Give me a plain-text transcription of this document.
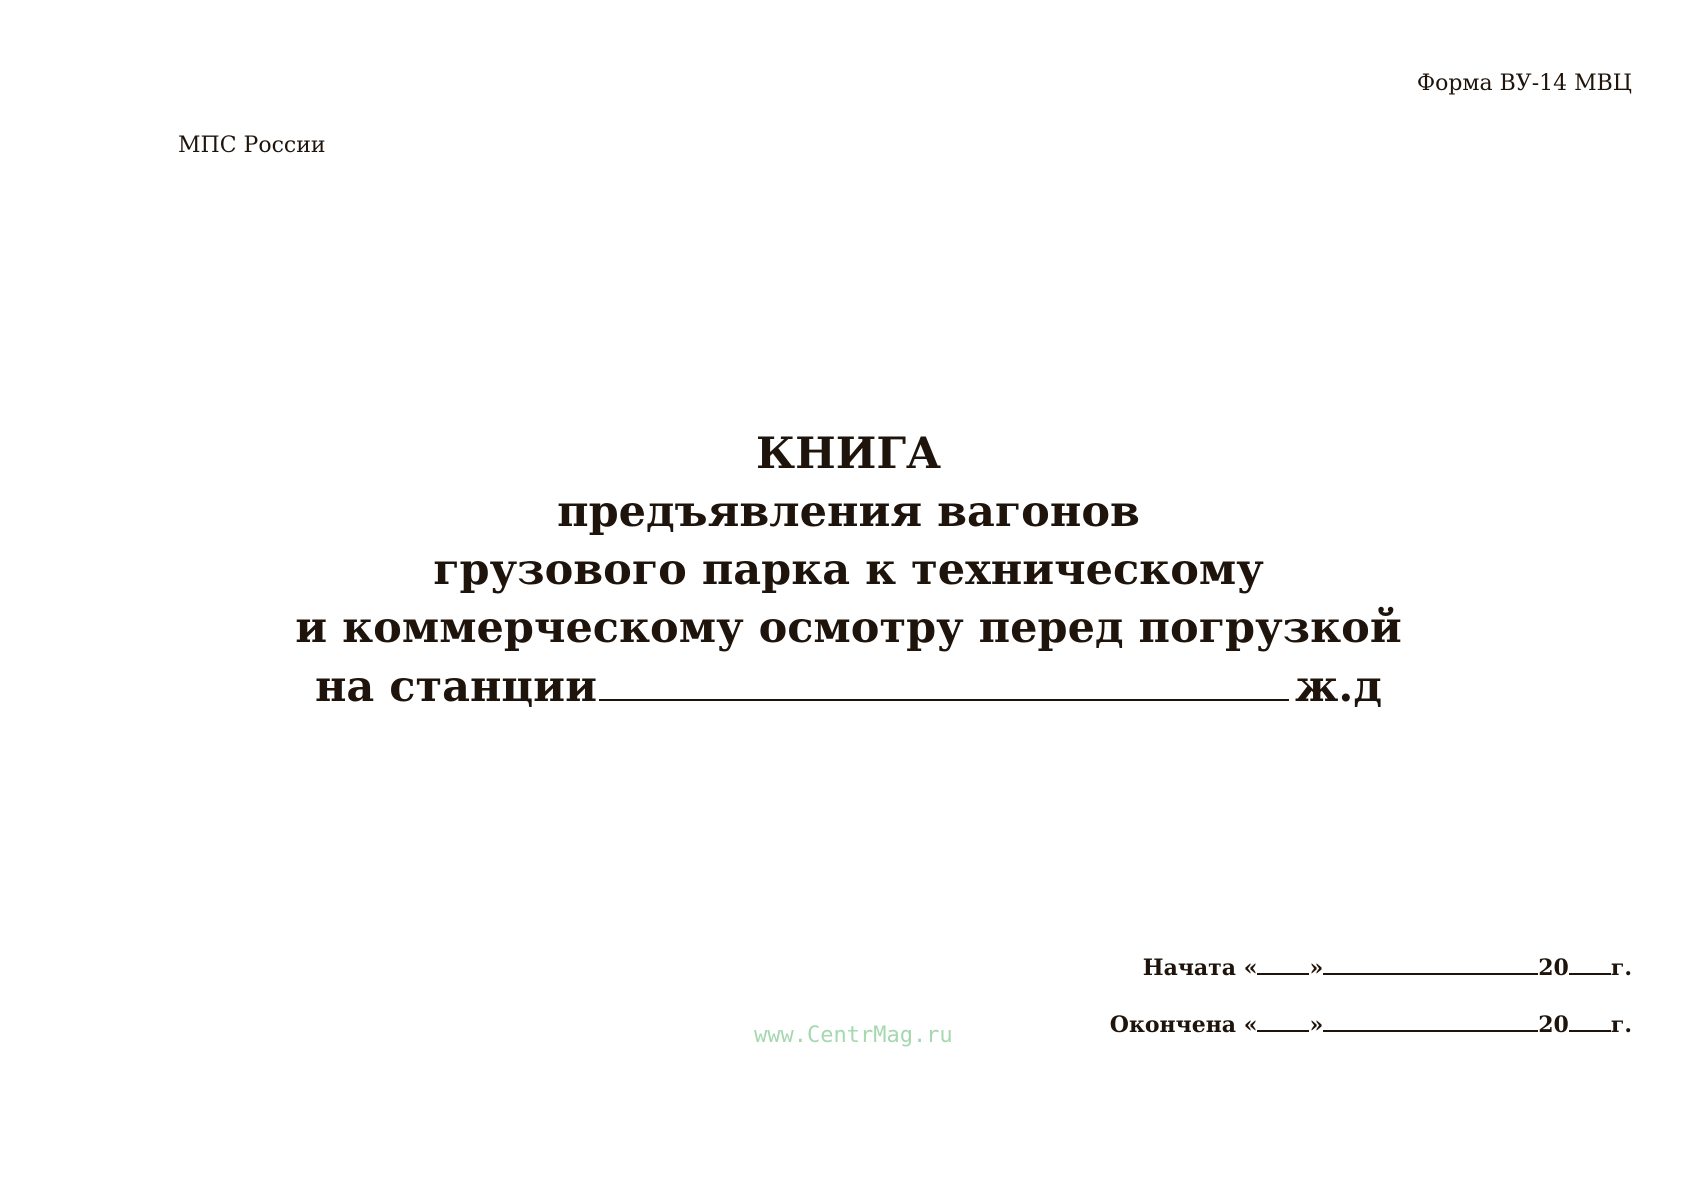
Форма ВУ-14 МВЦ
МПС России
КНИГА
предъявления вагонов
грузового парка к техническому
и коммерческому осмотру перед погрузкой
на станции	ж.д
Начата « »	20 г.
Окончена « »	20 г.
www.CentrMag.ru
